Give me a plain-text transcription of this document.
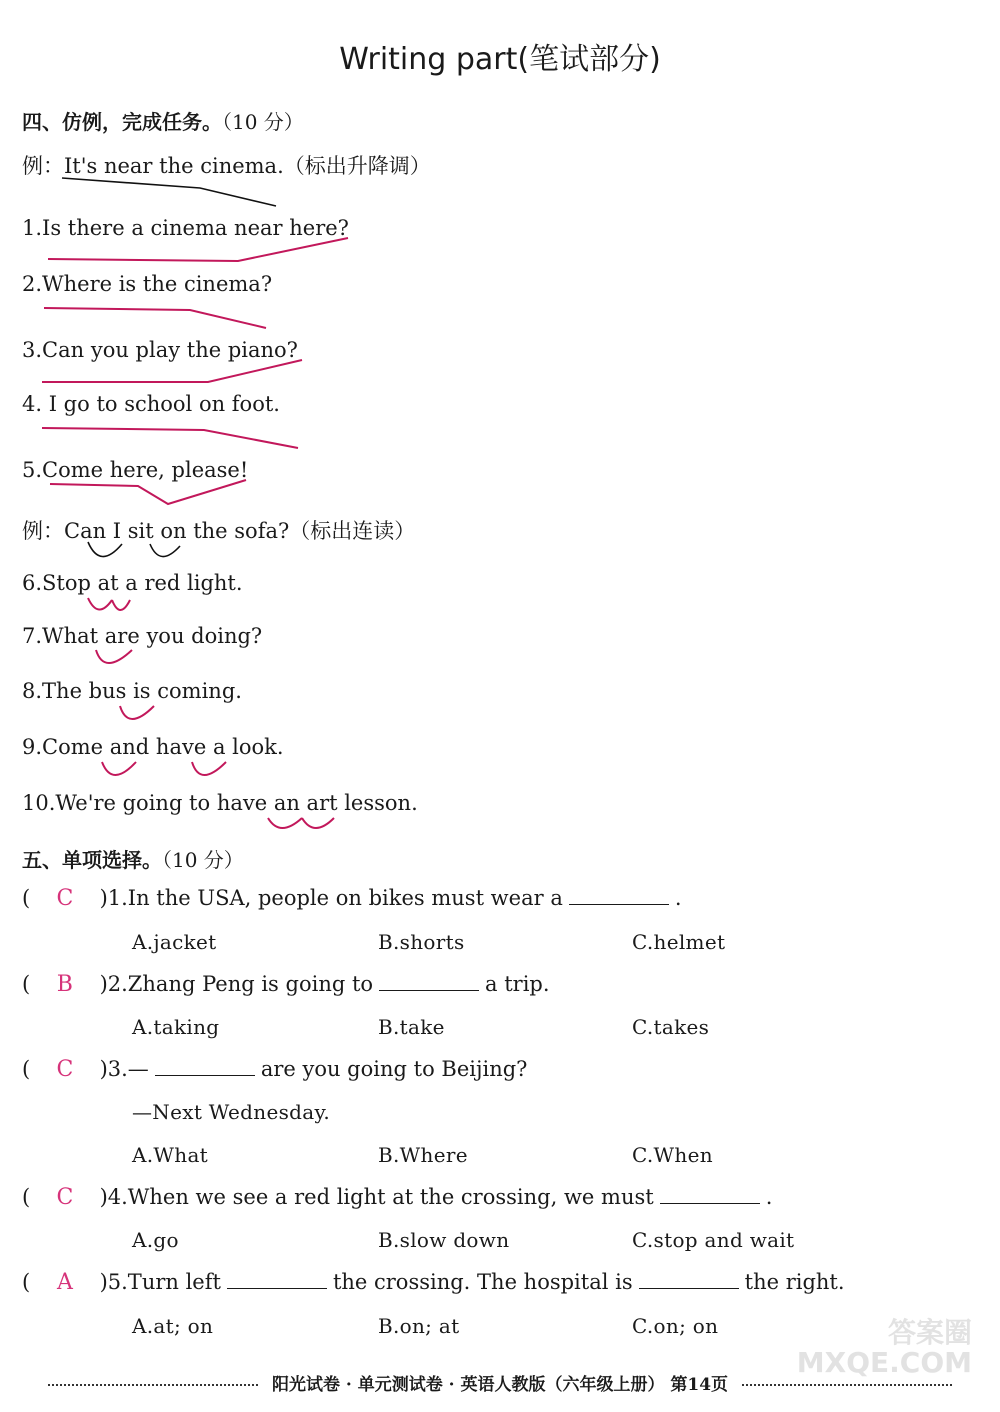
Writing part(笔试部分)
四、仿例，完成任务。（10 分）
例：It's near the cinema.（标出升降调）
1.Is there a cinema near here?
2.Where is the cinema?
3.Can you play the piano?
4. I go to school on foot.
5.Come here, please!
例：Can I sit on the sofa?（标出连读）
6.Stop at a red light.
7.What are you doing?
8.The bus is coming.
9.Come and have a look.
10.We're going to have an art lesson.
五、单项选择。（10 分）
( C )1.In the USA, people on bikes must wear a	.
A.jacket	B.shorts	C.helmet
( B )2.Zhang Peng is going to	a trip.
A.taking	B.take	C.takes
( C )3.—	are you going to Beijing?
—Next Wednesday.
A.What	B.Where	C.When
( C )4.When we see a red light at the crossing, we must	.
A.go	B.slow down	C.stop and wait
( A )5.Turn left	the crossing. The hospital is	the right.
A.at; on	B.on; at	C.on; on	答案圈
MXQE.COM
阳光试卷 · 单元测试卷 · 英语人教版（六年级上册） 第14页
